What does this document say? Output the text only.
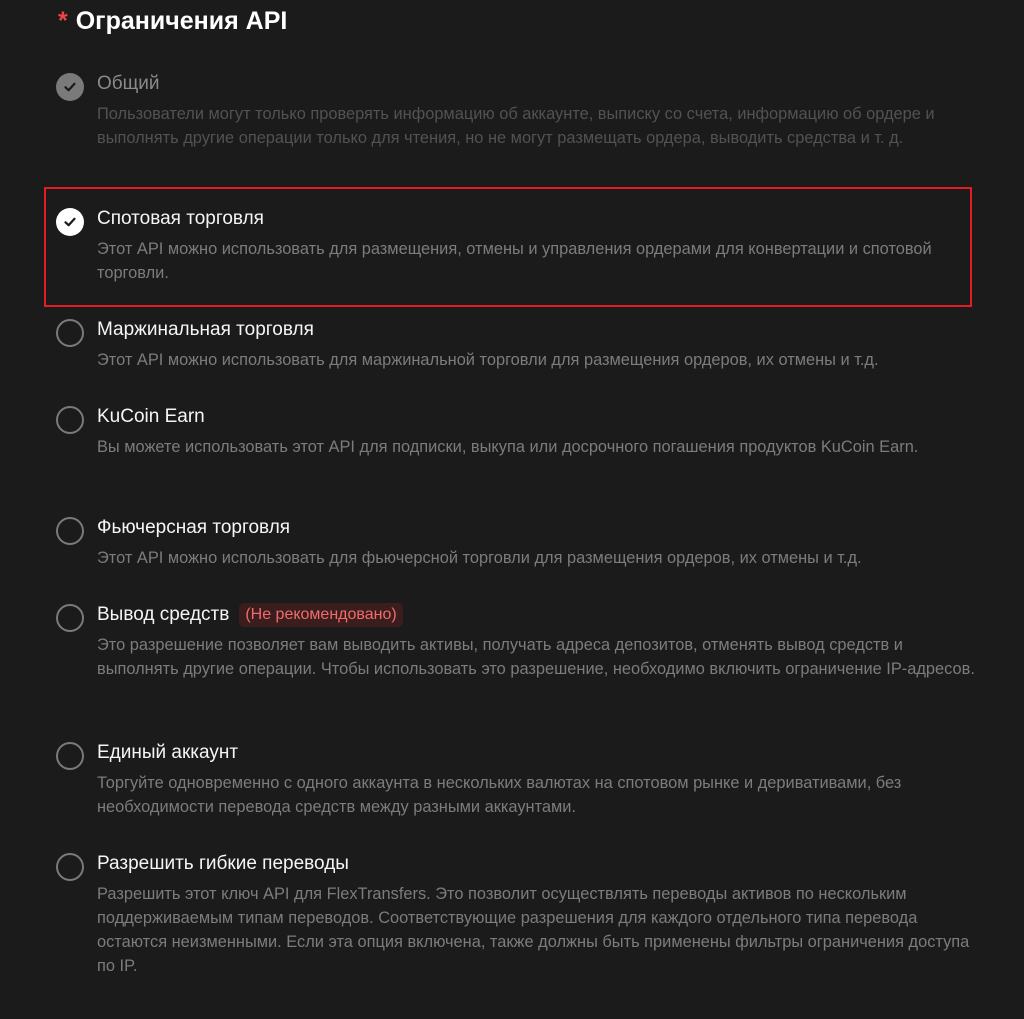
* Ограничения API
Общий
Пользователи могут только проверять информацию об аккаунте, выписку со счета, информацию об ордере и выполнять другие операции только для чтения, но не могут размещать ордера, выводить средства и т. д.
Спотовая торговля
Этот API можно использовать для размещения, отмены и управления ордерами для конвертации и спотовой торговли.
Маржинальная торговля
Этот API можно использовать для маржинальной торговли для размещения ордеров, их отмены и т.д.
KuCoin Earn
Вы можете использовать этот API для подписки, выкупа или досрочного погашения продуктов KuCoin Earn.
Фьючерсная торговля
Этот API можно использовать для фьючерсной торговли для размещения ордеров, их отмены и т.д.
Вывод средств	(Не рекомендовано)
Это разрешение позволяет вам выводить активы, получать адреса депозитов, отменять вывод средств и выполнять другие операции. Чтобы использовать это разрешение, необходимо включить ограничение IP-адресов.
Единый аккаунт
Торгуйте одновременно с одного аккаунта в нескольких валютах на спотовом рынке и деривативами, без необходимости перевода средств между разными аккаунтами.
Разрешить гибкие переводы
Разрешить этот ключ API для FlexTransfers. Это позволит осуществлять переводы активов по нескольким поддерживаемым типам переводов. Соответствующие разрешения для каждого отдельного типа перевода остаются неизменными. Если эта опция включена, также должны быть применены фильтры ограничения доступа по IP.
